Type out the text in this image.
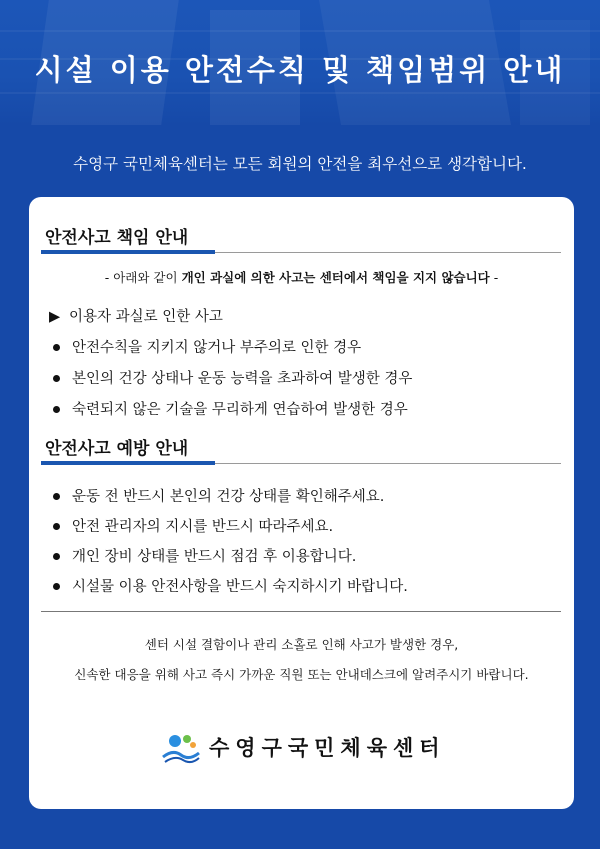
시설 이용 안전수칙 및 책임범위 안내
수영구 국민체육센터는 모든 회원의 안전을 최우선으로 생각합니다.
안전사고 책임 안내
- 아래와 같이 개인 과실에 의한 사고는 센터에서 책임을 지지 않습니다 -
▶ 이용자 과실로 인한 사고
안전수칙을 지키지 않거나 부주의로 인한 경우
본인의 건강 상태나 운동 능력을 초과하여 발생한 경우
숙련되지 않은 기술을 무리하게 연습하여 발생한 경우
안전사고 예방 안내
운동 전 반드시 본인의 건강 상태를 확인해주세요.
안전 관리자의 지시를 반드시 따라주세요.
개인 장비 상태를 반드시 점검 후 이용합니다.
시설물 이용 안전사항을 반드시 숙지하시기 바랍니다.
센터 시설 결함이나 관리 소홀로 인해 사고가 발생한 경우,
신속한 대응을 위해 사고 즉시 가까운 직원 또는 안내데스크에 알려주시기 바랍니다.
수영구국민체육센터
